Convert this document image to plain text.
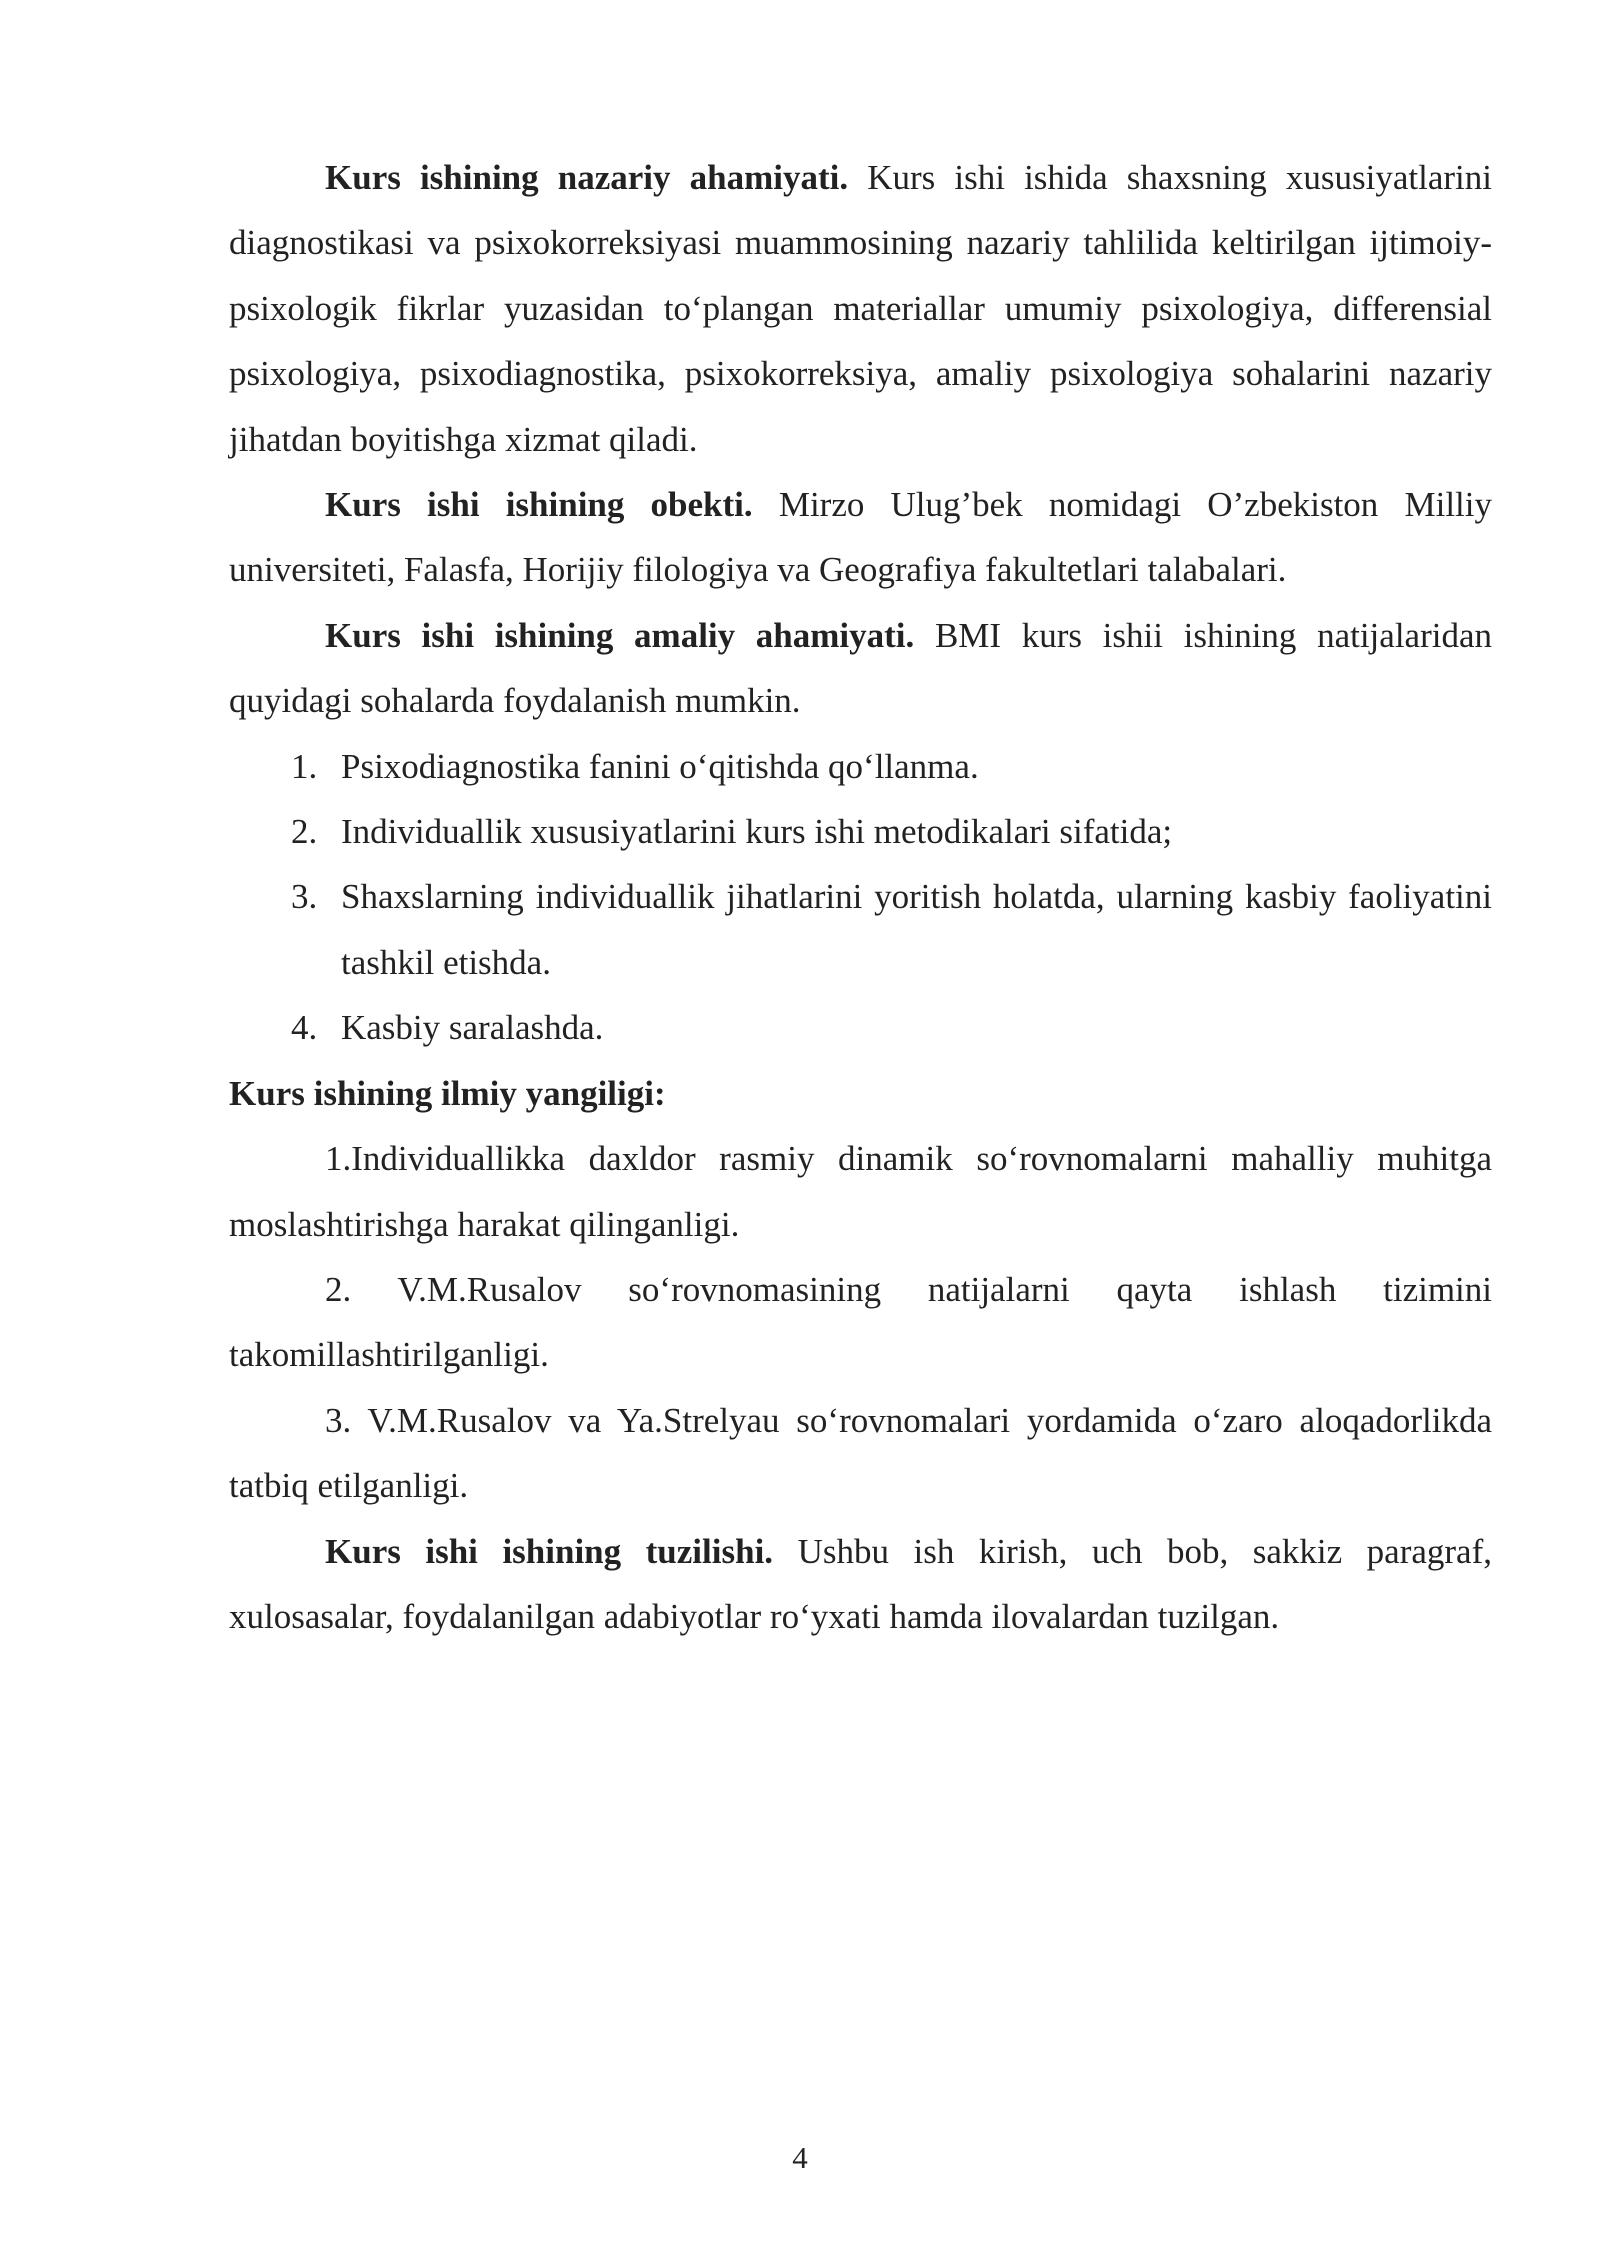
Kurs ishining nazariy ahamiyati. Kurs ishi ishida shaxsning xususiyatlarini diagnostikasi va psixokorreksiyasi muammosining nazariy tahlilida keltirilgan ijtimoiy-psixologik fikrlar yuzasidan to‘plangan materiallar umumiy psixologiya, differensial psixologiya, psixodiagnostika, psixokorreksiya, amaliy psixologiya sohalarini nazariy jihatdan boyitishga xizmat qiladi.

Kurs ishi ishining obekti. Mirzo Ulug’bek nomidagi O’zbekiston Milliy universiteti, Falasfa, Horijiy filologiya va Geografiya fakultetlari talabalari.

Kurs ishi ishining amaliy ahamiyati. BMI kurs ishii ishining natijalaridan quyidagi sohalarda foydalanish mumkin.

1. Psixodiagnostika fanini o‘qitishda qo‘llanma.
2. Individuallik xususiyatlarini kurs ishi metodikalari sifatida;
3. Shaxslarning individuallik jihatlarini yoritish holatda, ularning kasbiy faoliyatini tashkil etishda.
4. Kasbiy saralashda.

Kurs ishining ilmiy yangiligi:

1.Individuallikka daxldor rasmiy dinamik so‘rovnomalarni mahalliy muhitga moslashtirishga harakat qilinganligi.

2. V.M.Rusalov so‘rovnomasining natijalarni qayta ishlash tizimini takomillashtirilganligi.

3. V.M.Rusalov va Ya.Strelyau so‘rovnomalari yordamida o‘zaro aloqadorlikda tatbiq etilganligi.

Kurs ishi ishining tuzilishi. Ushbu ish kirish, uch bob, sakkiz paragraf, xulosasalar, foydalanilgan adabiyotlar ro‘yxati hamda ilovalardan tuzilgan.

4
